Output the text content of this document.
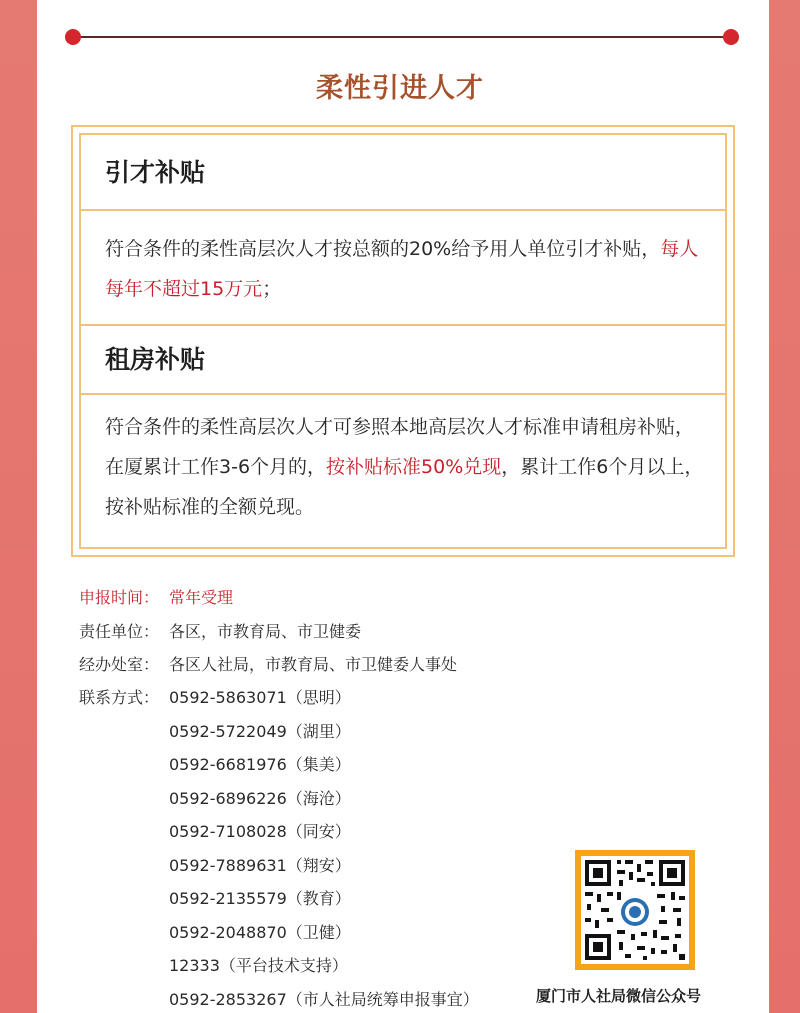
柔性引进人才
引才补贴
符合条件的柔性高层次人才按总额的20%给予用人单位引才补贴，每人每年不超过15万元；
租房补贴
符合条件的柔性高层次人才可参照本地高层次人才标准申请租房补贴，在厦累计工作3-6个月的，按补贴标准50%兑现，累计工作6个月以上，按补贴标准的全额兑现。
申报时间： 常年受理
责任单位： 各区，市教育局、市卫健委
经办处室： 各区人社局，市教育局、市卫健委人事处
联系方式： 0592-5863071（思明）
0592-5722049（湖里）
0592-6681976（集美）
0592-6896226（海沧）
0592-7108028（同安）
0592-7889631（翔安）
0592-2135579（教育）
0592-2048870（卫健）
12333（平台技术支持）
0592-2853267（市人社局统筹申报事宜）	厦门市人社局微信公众号
